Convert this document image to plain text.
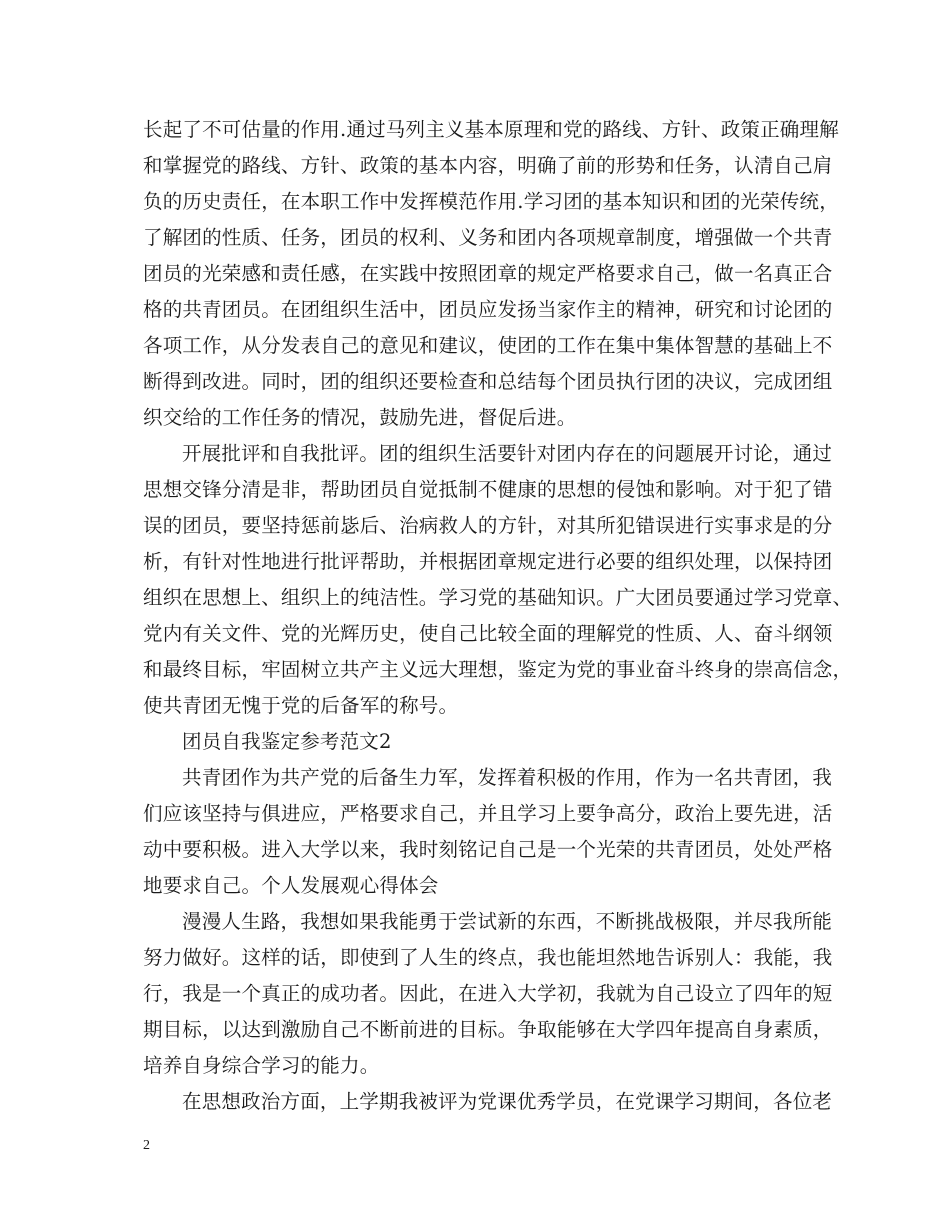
长起了不可估量的作用.通过马列主义基本原理和党的路线、方针、政策正确理解
和掌握党的路线、方针、政策的基本内容，明确了前的形势和任务，认清自己肩
负的历史责任，在本职工作中发挥模范作用.学习团的基本知识和团的光荣传统，
了解团的性质、任务，团员的权利、义务和团内各项规章制度，增强做一个共青
团员的光荣感和责任感，在实践中按照团章的规定严格要求自己，做一名真正合
格的共青团员。在团组织生活中，团员应发扬当家作主的精神，研究和讨论团的
各项工作，从分发表自己的意见和建议，使团的工作在集中集体智慧的基础上不
断得到改进。同时，团的组织还要检查和总结每个团员执行团的决议，完成团组
织交给的工作任务的情况，鼓励先进，督促后进。
开展批评和自我批评。团的组织生活要针对团内存在的问题展开讨论，通过
思想交锋分清是非，帮助团员自觉抵制不健康的思想的侵蚀和影响。对于犯了错
误的团员，要坚持惩前毖后、治病救人的方针，对其所犯错误进行实事求是的分
析，有针对性地进行批评帮助，并根据团章规定进行必要的组织处理，以保持团
组织在思想上、组织上的纯洁性。学习党的基础知识。广大团员要通过学习党章、
党内有关文件、党的光辉历史，使自己比较全面的理解党的性质、人、奋斗纲领
和最终目标，牢固树立共产主义远大理想，鉴定为党的事业奋斗终身的崇高信念，
使共青团无愧于党的后备军的称号。
团员自我鉴定参考范文2
共青团作为共产党的后备生力军，发挥着积极的作用，作为一名共青团，我
们应该坚持与俱进应，严格要求自己，并且学习上要争高分，政治上要先进，活
动中要积极。进入大学以来，我时刻铭记自己是一个光荣的共青团员，处处严格
地要求自己。个人发展观心得体会
漫漫人生路，我想如果我能勇于尝试新的东西，不断挑战极限，并尽我所能
努力做好。这样的话，即使到了人生的终点，我也能坦然地告诉别人：我能，我
行，我是一个真正的成功者。因此，在进入大学初，我就为自己设立了四年的短
期目标，以达到激励自己不断前进的目标。争取能够在大学四年提高自身素质，
培养自身综合学习的能力。
在思想政治方面，上学期我被评为党课优秀学员，在党课学习期间，各位老
2
